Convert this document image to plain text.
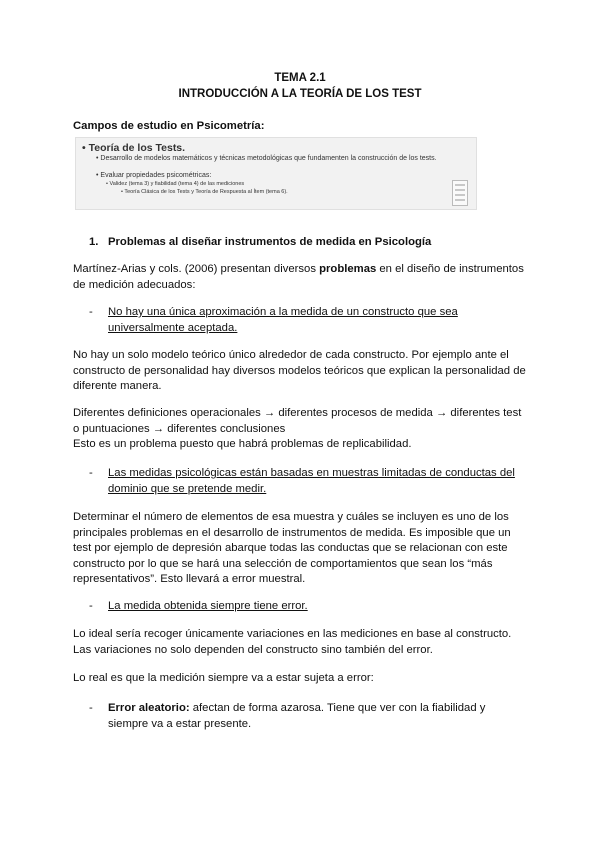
TEMA 2.1
INTRODUCCIÓN A LA TEORÍA DE LOS TEST
Campos de estudio en Psicometría:
• Teoría de los Tests.
• Desarrollo de modelos matemáticos y técnicas metodológicas que fundamenten la construcción de los tests.
• Evaluar propiedades psicométricas:
• Validez (tema 3) y fiabilidad (tema 4) de las mediciones
• Teoría Clásica de los Tests y Teoría de Respuesta al Ítem (tema 6).
1. Problemas al diseñar instrumentos de medida en Psicología
Martínez-Arias y cols. (2006) presentan diversos problemas en el diseño de instrumentos de medición adecuados:
- No hay una única aproximación a la medida de un constructo que sea universalmente aceptada.
No hay un solo modelo teórico único alrededor de cada constructo. Por ejemplo ante el constructo de personalidad hay diversos modelos teóricos que explican la personalidad de diferente manera.
Diferentes definiciones operacionales → diferentes procesos de medida → diferentes test o puntuaciones → diferentes conclusiones
Esto es un problema puesto que habrá problemas de replicabilidad.
- Las medidas psicológicas están basadas en muestras limitadas de conductas del dominio que se pretende medir.
Determinar el número de elementos de esa muestra y cuáles se incluyen es uno de los principales problemas en el desarrollo de instrumentos de medida. Es imposible que un test por ejemplo de depresión abarque todas las conductas que se relacionan con este constructo por lo que se hará una selección de comportamientos que sean los “más representativos”. Esto llevará a error muestral.
- La medida obtenida siempre tiene error.
Lo ideal sería recoger únicamente variaciones en las mediciones en base al constructo. Las variaciones no solo dependen del constructo sino también del error.
Lo real es que la medición siempre va a estar sujeta a error:
- Error aleatorio: afectan de forma azarosa. Tiene que ver con la fiabilidad y siempre va a estar presente.
